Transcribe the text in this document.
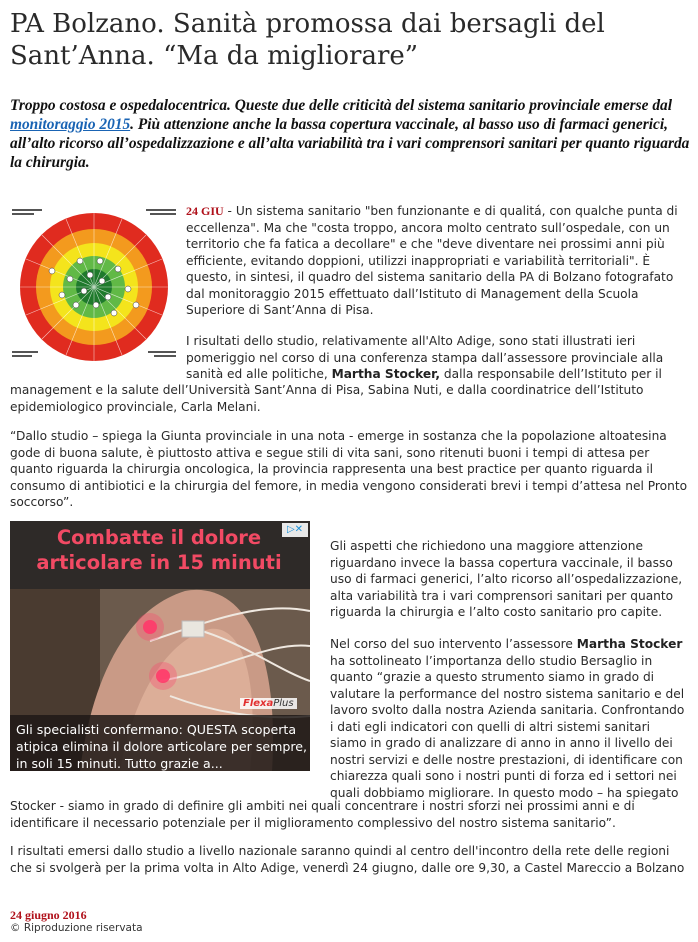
PA Bolzano. Sanità promossa dai bersagli del Sant’Anna. “Ma da migliorare”

Troppo costosa e ospedalocentrica. Queste due delle criticità del sistema sanitario provinciale emerse dal monitoraggio 2015. Più attenzione anche la bassa copertura vaccinale, al basso uso di farmaci generici, all’alto ricorso all’ospedalizzazione e all’alta variabilità tra i vari comprensori sanitari per quanto riguarda la chirurgia.

24 GIU - Un sistema sanitario "ben funzionante e di qualitá, con qualche punta di eccellenza". Ma che "costa troppo, ancora molto centrato sull’ospedale, con un territorio che fa fatica a decollare" e che "deve diventare nei prossimi anni più efficiente, evitando doppioni, utilizzi inappropriati e variabilità territoriali". È questo, in sintesi, il quadro del sistema sanitario della PA di Bolzano fotografato dal monitoraggio 2015 effettuato dall’Istituto di Management della Scuola Superiore di Sant’Anna di Pisa.

I risultati dello studio, relativamente all'Alto Adige, sono stati illustrati ieri pomeriggio nel corso di una conferenza stampa dall’assessore provinciale alla sanità ed alle politiche, Martha Stocker, dalla responsabile dell’Istituto per il

management e la salute dell’Università Sant’Anna di Pisa, Sabina Nuti, e dalla coordinatrice dell’Istituto epidemiologico provinciale, Carla Melani.

“Dallo studio – spiega la Giunta provinciale in una nota - emerge in sostanza che la popolazione altoatesina gode di buona salute, è piuttosto attiva e segue stili di vita sani, sono ritenuti buoni i tempi di attesa per quanto riguarda la chirurgia oncologica, la provincia rappresenta una best practice per quanto riguarda il consumo di antibiotici e la chirurgia del femore, in media vengono considerati brevi i tempi d’attesa nel Pronto soccorso”.

Combatte il dolore articolare in 15 minuti

▷✕
FlexaPlus

Gli specialisti confermano: QUESTA scoperta atipica elimina il dolore articolare per sempre, in soli 15 minuti. Tutto grazie a...

Gli aspetti che richiedono una maggiore attenzione riguardano invece la bassa copertura vaccinale, il basso uso di farmaci generici, l’alto ricorso all’ospedalizzazione, alta variabilità tra i vari comprensori sanitari per quanto riguarda la chirurgia e l’alto costo sanitario pro capite.

Nel corso del suo intervento l’assessore Martha Stocker ha sottolineato l’importanza dello studio Bersaglio in quanto “grazie a questo strumento siamo in grado di valutare la performance del nostro sistema sanitario e del lavoro svolto dalla nostra Azienda sanitaria. Confrontando i dati egli indicatori con quelli di altri sistemi sanitari siamo in grado di analizzare di anno in anno il livello dei nostri servizi e delle nostre prestazioni, di identificare con chiarezza quali sono i nostri punti di forza ed i settori nei quali dobbiamo migliorare. In questo modo – ha spiegato

Stocker - siamo in grado di definire gli ambiti nei quali concentrare i nostri sforzi nei prossimi anni e di identificare il necessario potenziale per il miglioramento complessivo del nostro sistema sanitario”.

I risultati emersi dallo studio a livello nazionale saranno quindi al centro dell'incontro della rete delle regioni che si svolgerà per la prima volta in Alto Adige, venerdì 24 giugno, dalle ore 9,30, a Castel Mareccio a Bolzano

24 giugno 2016

© Riproduzione riservata
